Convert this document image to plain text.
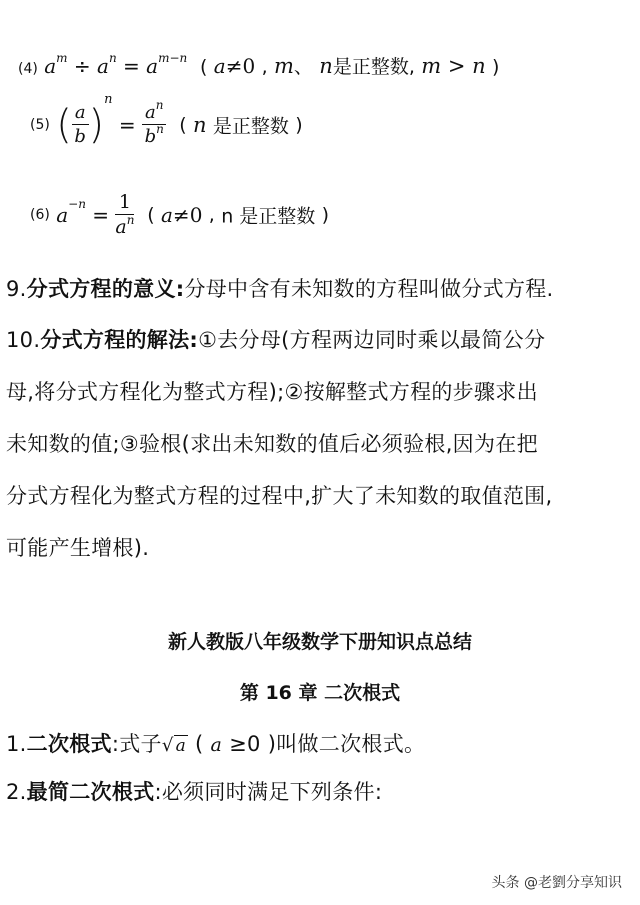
(4) $a^m \div a^n = a^{m-n}$ ( a≠0 , m、 n是正整数, m > n )
(5) ( $\frac{a}{b} )^n = \frac{a^n}{b^n}$ ( n 是正整数 )
(6) $a^{-n} = \frac{1}{a^n}$ ( a≠0 , n 是正整数 )
9.分式方程的意义:分母中含有未知数的方程叫做分式方程.
10.分式方程的解法:①去分母(方程两边同时乘以最简公分
母,将分式方程化为整式方程);②按解整式方程的步骤求出
未知数的值;③验根(求出未知数的值后必须验根,因为在把
分式方程化为整式方程的过程中,扩大了未知数的取值范围,
可能产生增根).
新人教版八年级数学下册知识点总结
第 16 章 二次根式
1.二次根式:式子√ a ( a ≥0 )叫做二次根式。
2.最简二次根式:必须同时满足下列条件:
头条 @老劉分享知识
